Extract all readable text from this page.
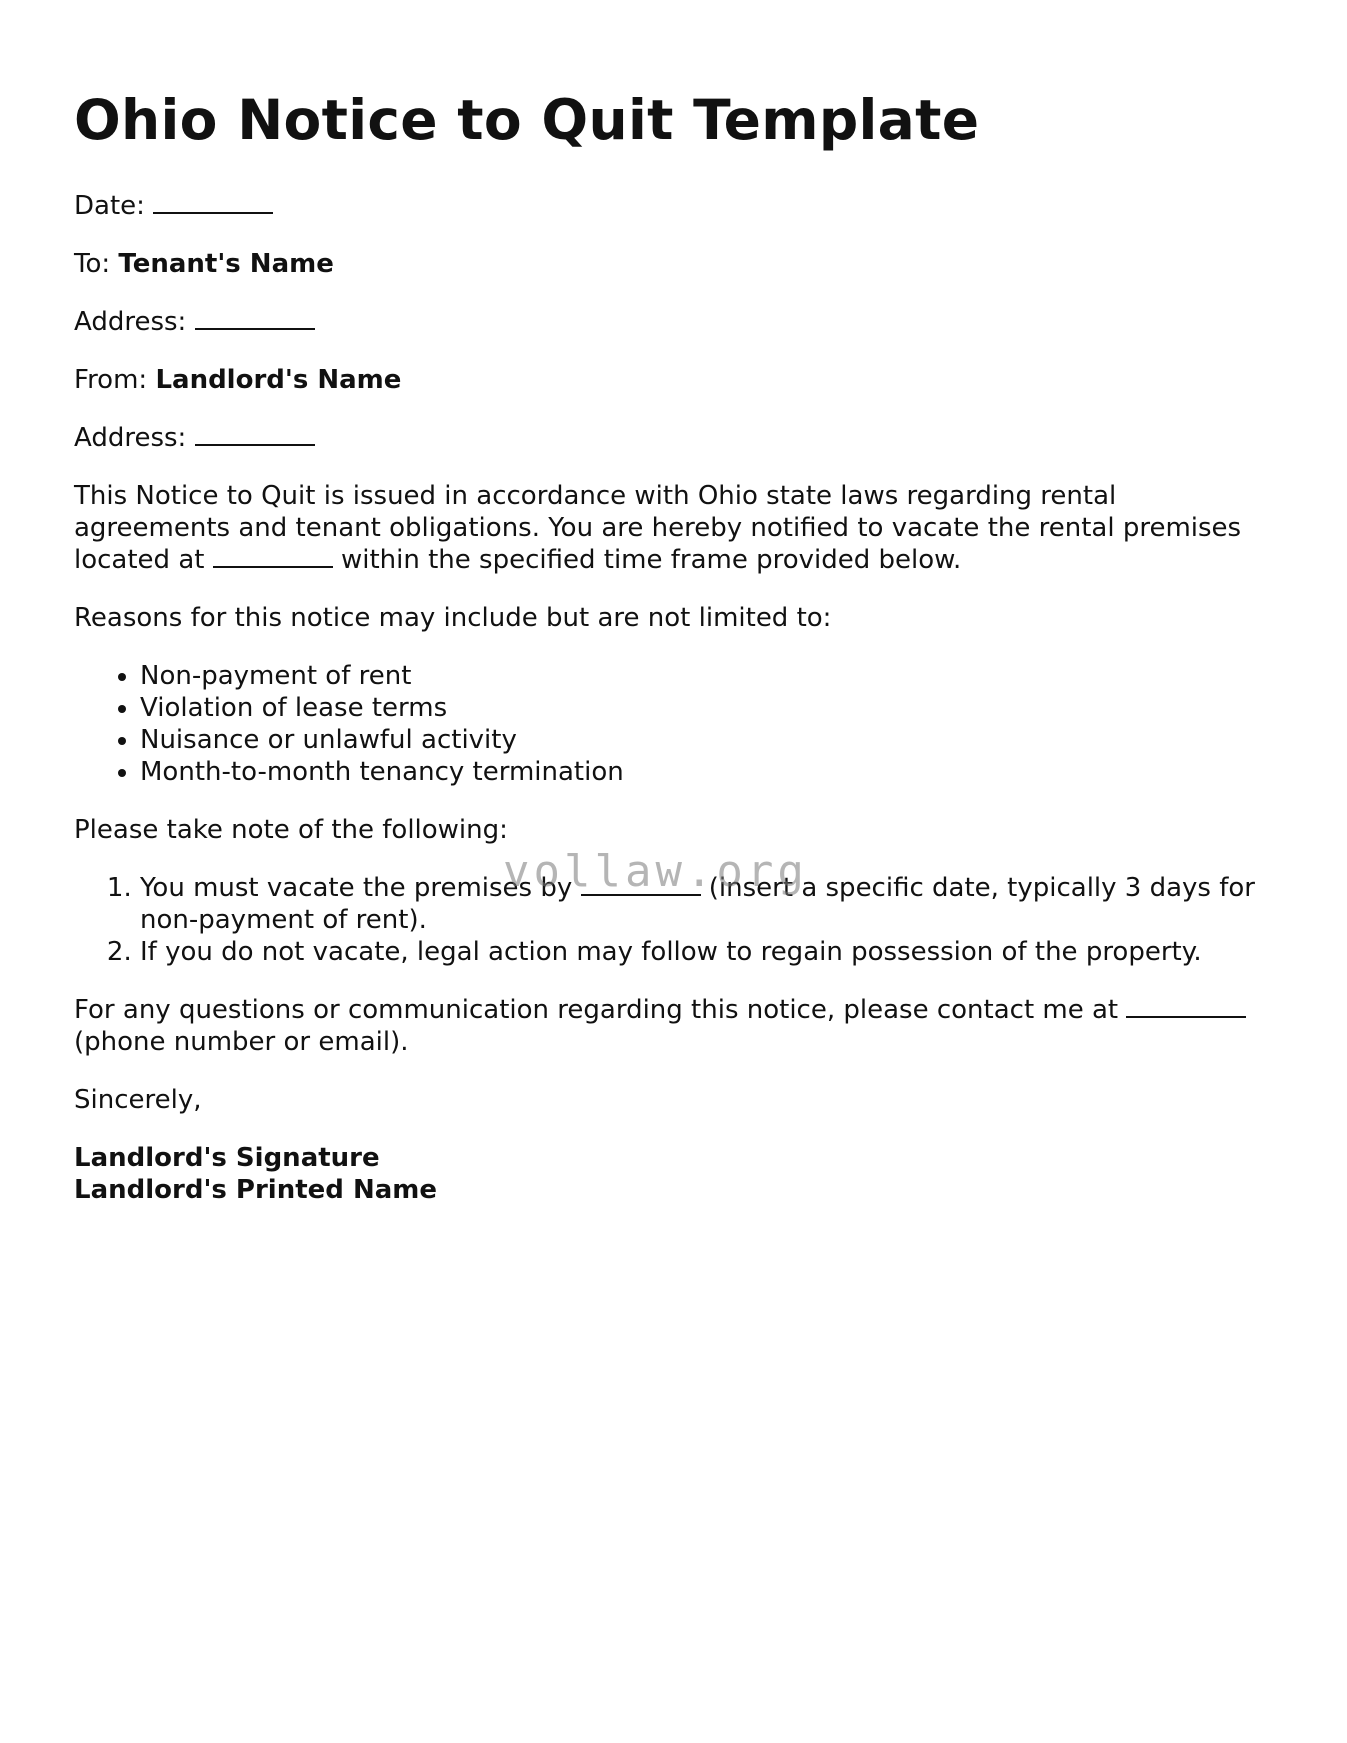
Ohio Notice to Quit Template

Date:

To: Tenant's Name

Address:

From: Landlord's Name

Address:

This Notice to Quit is issued in accordance with Ohio state laws regarding rental agreements and tenant obligations. You are hereby notified to vacate the rental premises located at	within the specified time frame provided below.

Reasons for this notice may include but are not limited to:

• Non-payment of rent
• Violation of lease terms
• Nuisance or unlawful activity
• Month-to-month tenancy termination

Please take note of the following:

1. You must vacate the premises by	(insert a specific date, typically 3 days for non-payment of rent).
2. If you do not vacate, legal action may follow to regain possession of the property.

For any questions or communication regarding this notice, please contact me at  (phone number or email).

Sincerely,

Landlord's Signature
Landlord's Printed Name
vollaw.org
